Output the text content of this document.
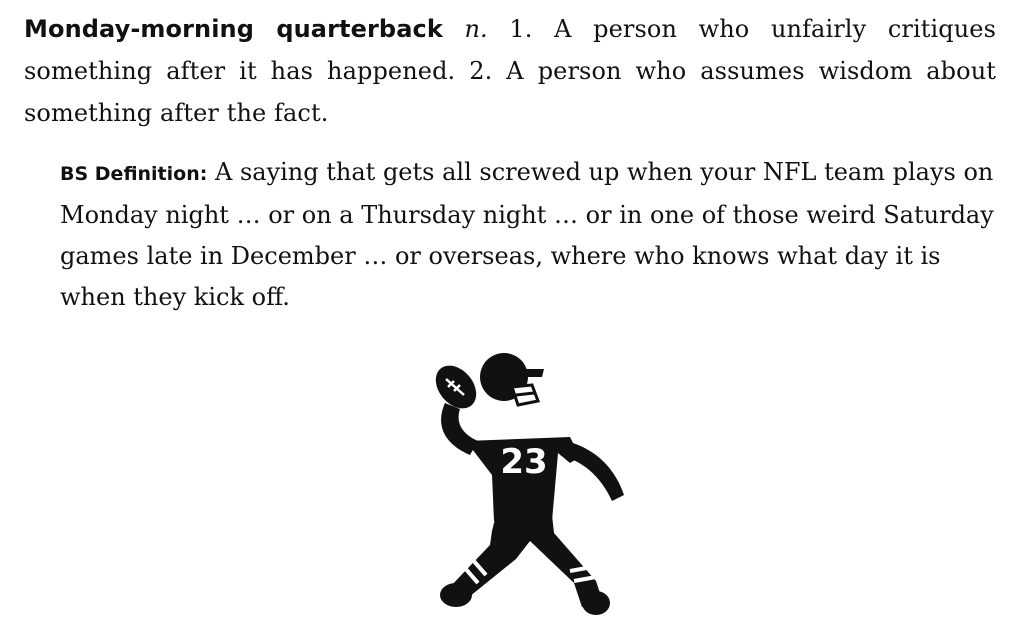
Monday-morning quarterback n. 1. A person who unfairly critiques something after it has happened. 2. A person who assumes wisdom about something after the fact.

BS Definition: A saying that gets all screwed up when your NFL team plays on Monday night … or on a Thursday night … or in one of those weird Saturday games late in December … or overseas, where who knows what day it is when they kick off.

23
